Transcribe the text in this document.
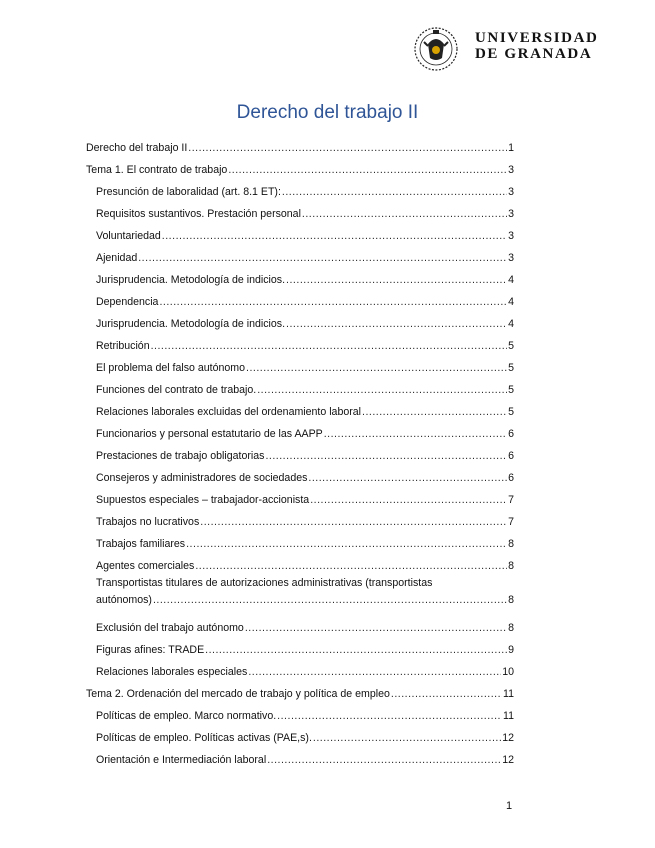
UNIVERSIDAD
DE GRANADA
Derecho del trabajo II
Derecho del trabajo II .....	1
Tema 1. El contrato de trabajo .....	3
Presunción de laboralidad (art. 8.1 ET): .....	3
Requisitos sustantivos. Prestación personal .....	3
Voluntariedad .....	3
Ajenidad .....	3
Jurisprudencia. Metodología de indicios. .....	4
Dependencia .....	4
Jurisprudencia. Metodología de indicios. .....	4
Retribución .....	5
El problema del falso autónomo .....	5
Funciones del contrato de trabajo. .....	5
Relaciones laborales excluidas del ordenamiento laboral .....	5
Funcionarios y personal estatutario de las AAPP .....	6
Prestaciones de trabajo obligatorias .....	6
Consejeros y administradores de sociedades .....	6
Supuestos especiales – trabajador-accionista .....	7
Trabajos no lucrativos .....	7
Trabajos familiares .....	8
Agentes comerciales .....	8
Transportistas titulares de autorizaciones administrativas (transportistas
autónomos) .....	8
Exclusión del trabajo autónomo .....	8
Figuras afines: TRADE .....	9
Relaciones laborales especiales .....	10
Tema 2. Ordenación del mercado de trabajo y política de empleo .....	11
Políticas de empleo. Marco normativo. .....	11
Políticas de empleo. Políticas activas (PAE,s). .....	12
Orientación e Intermediación laboral .....	12
1
